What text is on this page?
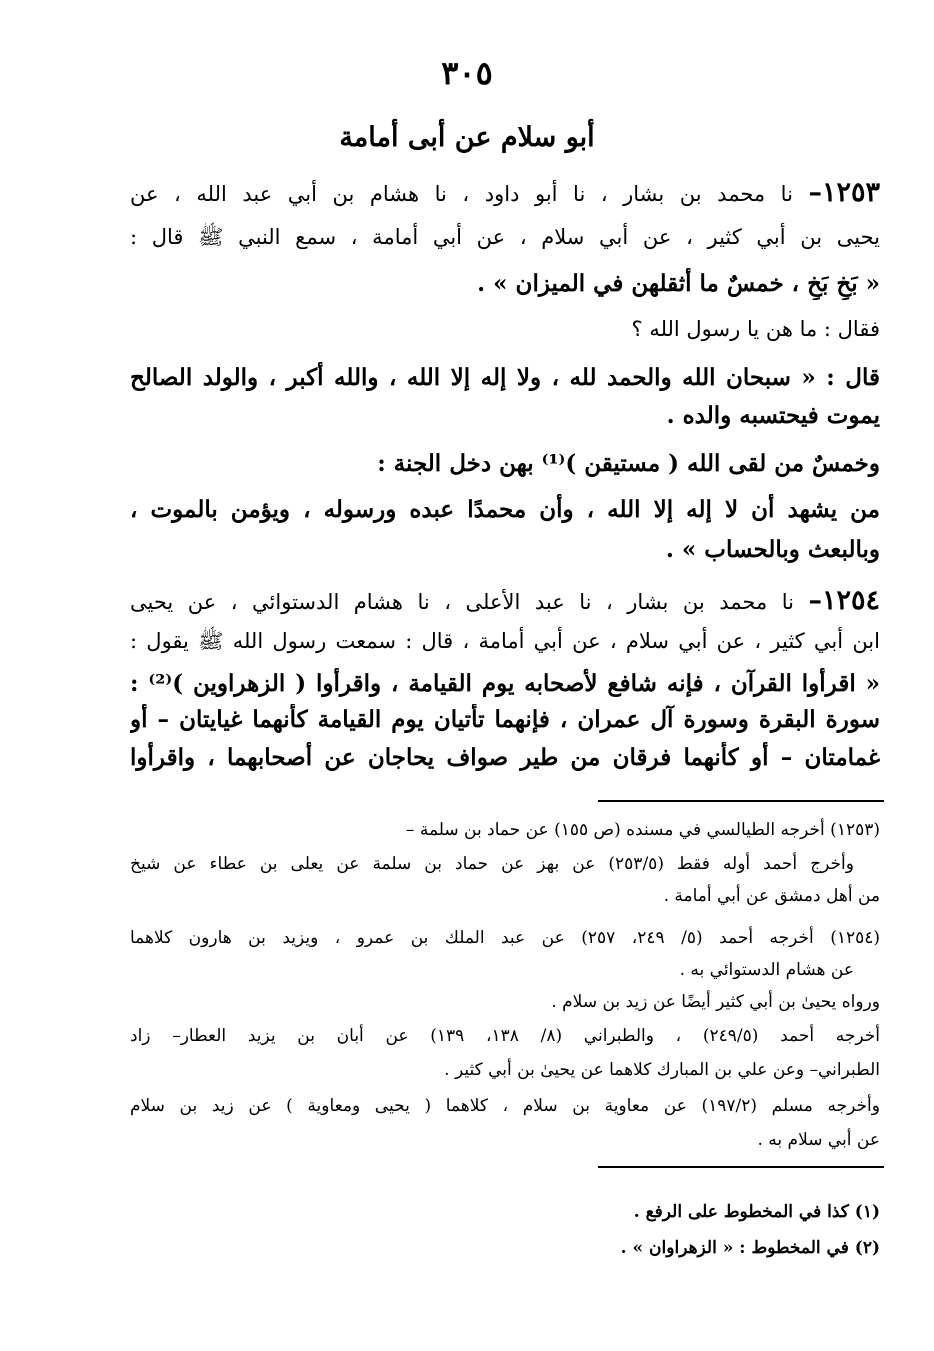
٣٠٥
أبو سلام عن أبى أمامة
١٢٥٣– نا محمد بن بشار ، نا أبو داود ، نا هشام بن أبي عبد الله ، عن
يحيى بن أبي كثير ، عن أبي سلام ، عن أبي أمامة ، سمع النبي ﷺ قال :
« بَخٍ بَخٍ ، خمسٌ ما أثقلهن في الميزان » .
فقال : ما هن يا رسول الله ؟
قال : « سبحان الله والحمد لله ، ولا إله إلا الله ، والله أكبر ، والولد الصالح
يموت فيحتسبه والده .
وخمسٌ من لقى الله ( مستيقن )⁽¹⁾ بهن دخل الجنة :
من يشهد أن لا إله إلا الله ، وأن محمدًا عبده ورسوله ، ويؤمن بالموت ،
وبالبعث وبالحساب » .
١٢٥٤– نا محمد بن بشار ، نا عبد الأعلى ، نا هشام الدستوائي ، عن يحيى
ابن أبي كثير ، عن أبي سلام ، عن أبي أمامة ، قال : سمعت رسول الله ﷺ يقول :
« اقرأوا القرآن ، فإنه شافع لأصحابه يوم القيامة ، واقرأوا ( الزهراوين )⁽²⁾ :
سورة البقرة وسورة آل عمران ، فإنهما تأتيان يوم القيامة كأنهما غيايتان – أو
غمامتان – أو كأنهما فرقان من طير صواف يحاجان عن أصحابهما ، واقرأوا
(١٢٥٣) أخرجه الطيالسي في مسنده (ص ١٥٥) عن حماد بن سلمة –
وأخرج أحمد أوله فقط (٢٥٣/٥) عن بهز عن حماد بن سلمة عن يعلى بن عطاء عن شيخ
من أهل دمشق عن أبي أمامة .
(١٢٥٤) أخرجه أحمد (٥/ ٢٤٩، ٢٥٧) عن عبد الملك بن عمرو ، ويزيد بن هارون كلاهما
عن هشام الدستوائي به .
ورواه يحيىٰ بن أبي كثير أيضًا عن زيد بن سلام .
أخرجه أحمد (٢٤٩/٥) ، والطبراني (٨/ ١٣٨، ١٣٩) عن أبان بن يزيد العطار– زاد
الطبراني– وعن علي بن المبارك كلاهما عن يحيىٰ بن أبي كثير .
وأخرجه مسلم (١٩٧/٢) عن معاوية بن سلام ، كلاهما ( يحيى ومعاوية ) عن زيد بن سلام
عن أبي سلام به .
(١) كذا في المخطوط على الرفع .
(٢) في المخطوط : « الزهراوان » .
